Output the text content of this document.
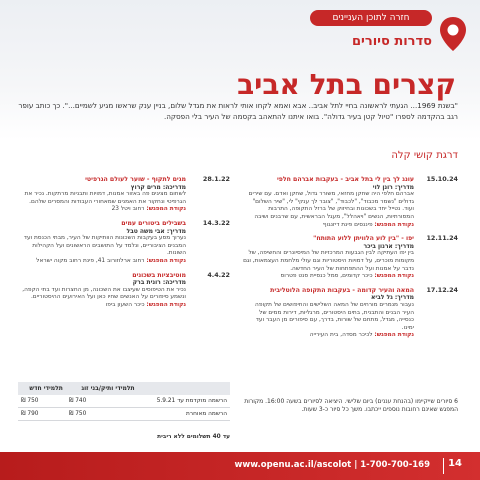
חזרה לתוכן העניינים
סדרות סיורים
קצרים בתל אביב
"בשנת 1969... הגעתי לראשונה בחיי לתל אביב.. אבא ואמא לקחו אותי לראות את מגדל שלום, בניין ענק שראשו מגיע לשמיים...". כך כותב עופר רגב בהקדמה לספרו "טיול קטן בעיר גדולה". בואו איתנו להתאהב בקסמה של העיר בלי הפסקה.
דרגת קושי קלה
15.10.24
עונג לך בין לי בתל אביב - בעקבות אברהם חלפי
מדריך: רונן לוי
אברהם חלפי היה שחקן מחזאי, משורר גדול, שחקן ואדם. עם שירים גדולים "נשמר מכבוד", "לכבוד", "צובר לך ענקי" לי, "שיר השלום" ועוד. נטייל יחד בשכונות ובחיזוק של ברזל התקופה, התרבות המסורתיות, הנשים "ויאהלל", מעגל הבראשית, עם שרבנים ושיבה
נקודת המפגש: פיננסים פינת דיזנגוף
12.11.24
יפו - "בין לוע הלוויתן ללוע התותח"
מדריך: ארנון ביכר
בין יפו העתיקה לבין הגבעות המרכזיות של המיסיונרים והחשיפה, של מקומות מוכרים, על דמויות היסטוריות וגם עולי מלחמת העצמאות, וגם נדבר על אמנות ועל ההתפתחות של העיר החדשה.
נקודת המפגש: כיכר קדומים, סמל כנסיית סנט פטרוס
17.12.24
המאה והעיר קדומה - בעקבות התקופה הלוטליבית
מדריך: גל לביא
נעבור מנמרים מורחים של המאה השלישים והחיפושים של תקופה העיר הבנים והתבנית, בתים היסטורים, מרגליות, דירות ממים של כנסייה, מגדל, מתחם של שורות, בדרך, עם סיפורים מן העבר ועד ימינו.
נקודת המפגש: לכיכר מסדה, בית העירייה
28.1.22
מגים לתקוף - שוער לעולם הגרפיטי
מדריכה: מרים קרוץ
לשחום מציגים פה באזור אמנות, דמויות ותבניות מרתקות. נכיר את הגרפיטי ונחקור את האמנים שמאחורי העבודות והמסרים שלהם.
נקודת המפגש: רחוב ויטל 23
14.3.22
בשבילים ביטורים עמים
מדריך: אבי משה טבל
נערוך מסע בעקבות השכונות הוותיקות של העיר, מבתי הכנסת ועד המבנים הציבוריים, ונלמד על התושבים הראשונים ועל הקהילות השונות.
נקודת המפגש: רחוב ארלוזורוב 41, פינת רחוב מקוה ישראל
4.4.22
מוטיבציות בשכונים
מדריכה: רונית ברק
נכיר את הטיפוסים שעיצבו את השכונה, מן החצרות ועד בתי הקפה, ונשמע סיפורים על האנשים שחיו כאן ועל האירועים ההיסטוריים.
נקודת המפגש: כיכר השעון ביפו
	תלמידי ותיק/בני זוג	תלמידי חדש
הרשמה מוקדמת עד 5.9.21	740 ₪	750 ₪
הרשמה מאוחרת	750 ₪	790 ₪
עד 40 תשלומים ללא ריבית
6 סיורים שייקיימו (בהנחת עננים) ביום שלישי. היציאה לסיורים בשעה 16:00. מקורות המפגש שאינם רחובות נוספים ייכתבו. משך כל סיור כ-3 שעות.
14
www.openu.ac.il/ascolot | 1-700-700-169
